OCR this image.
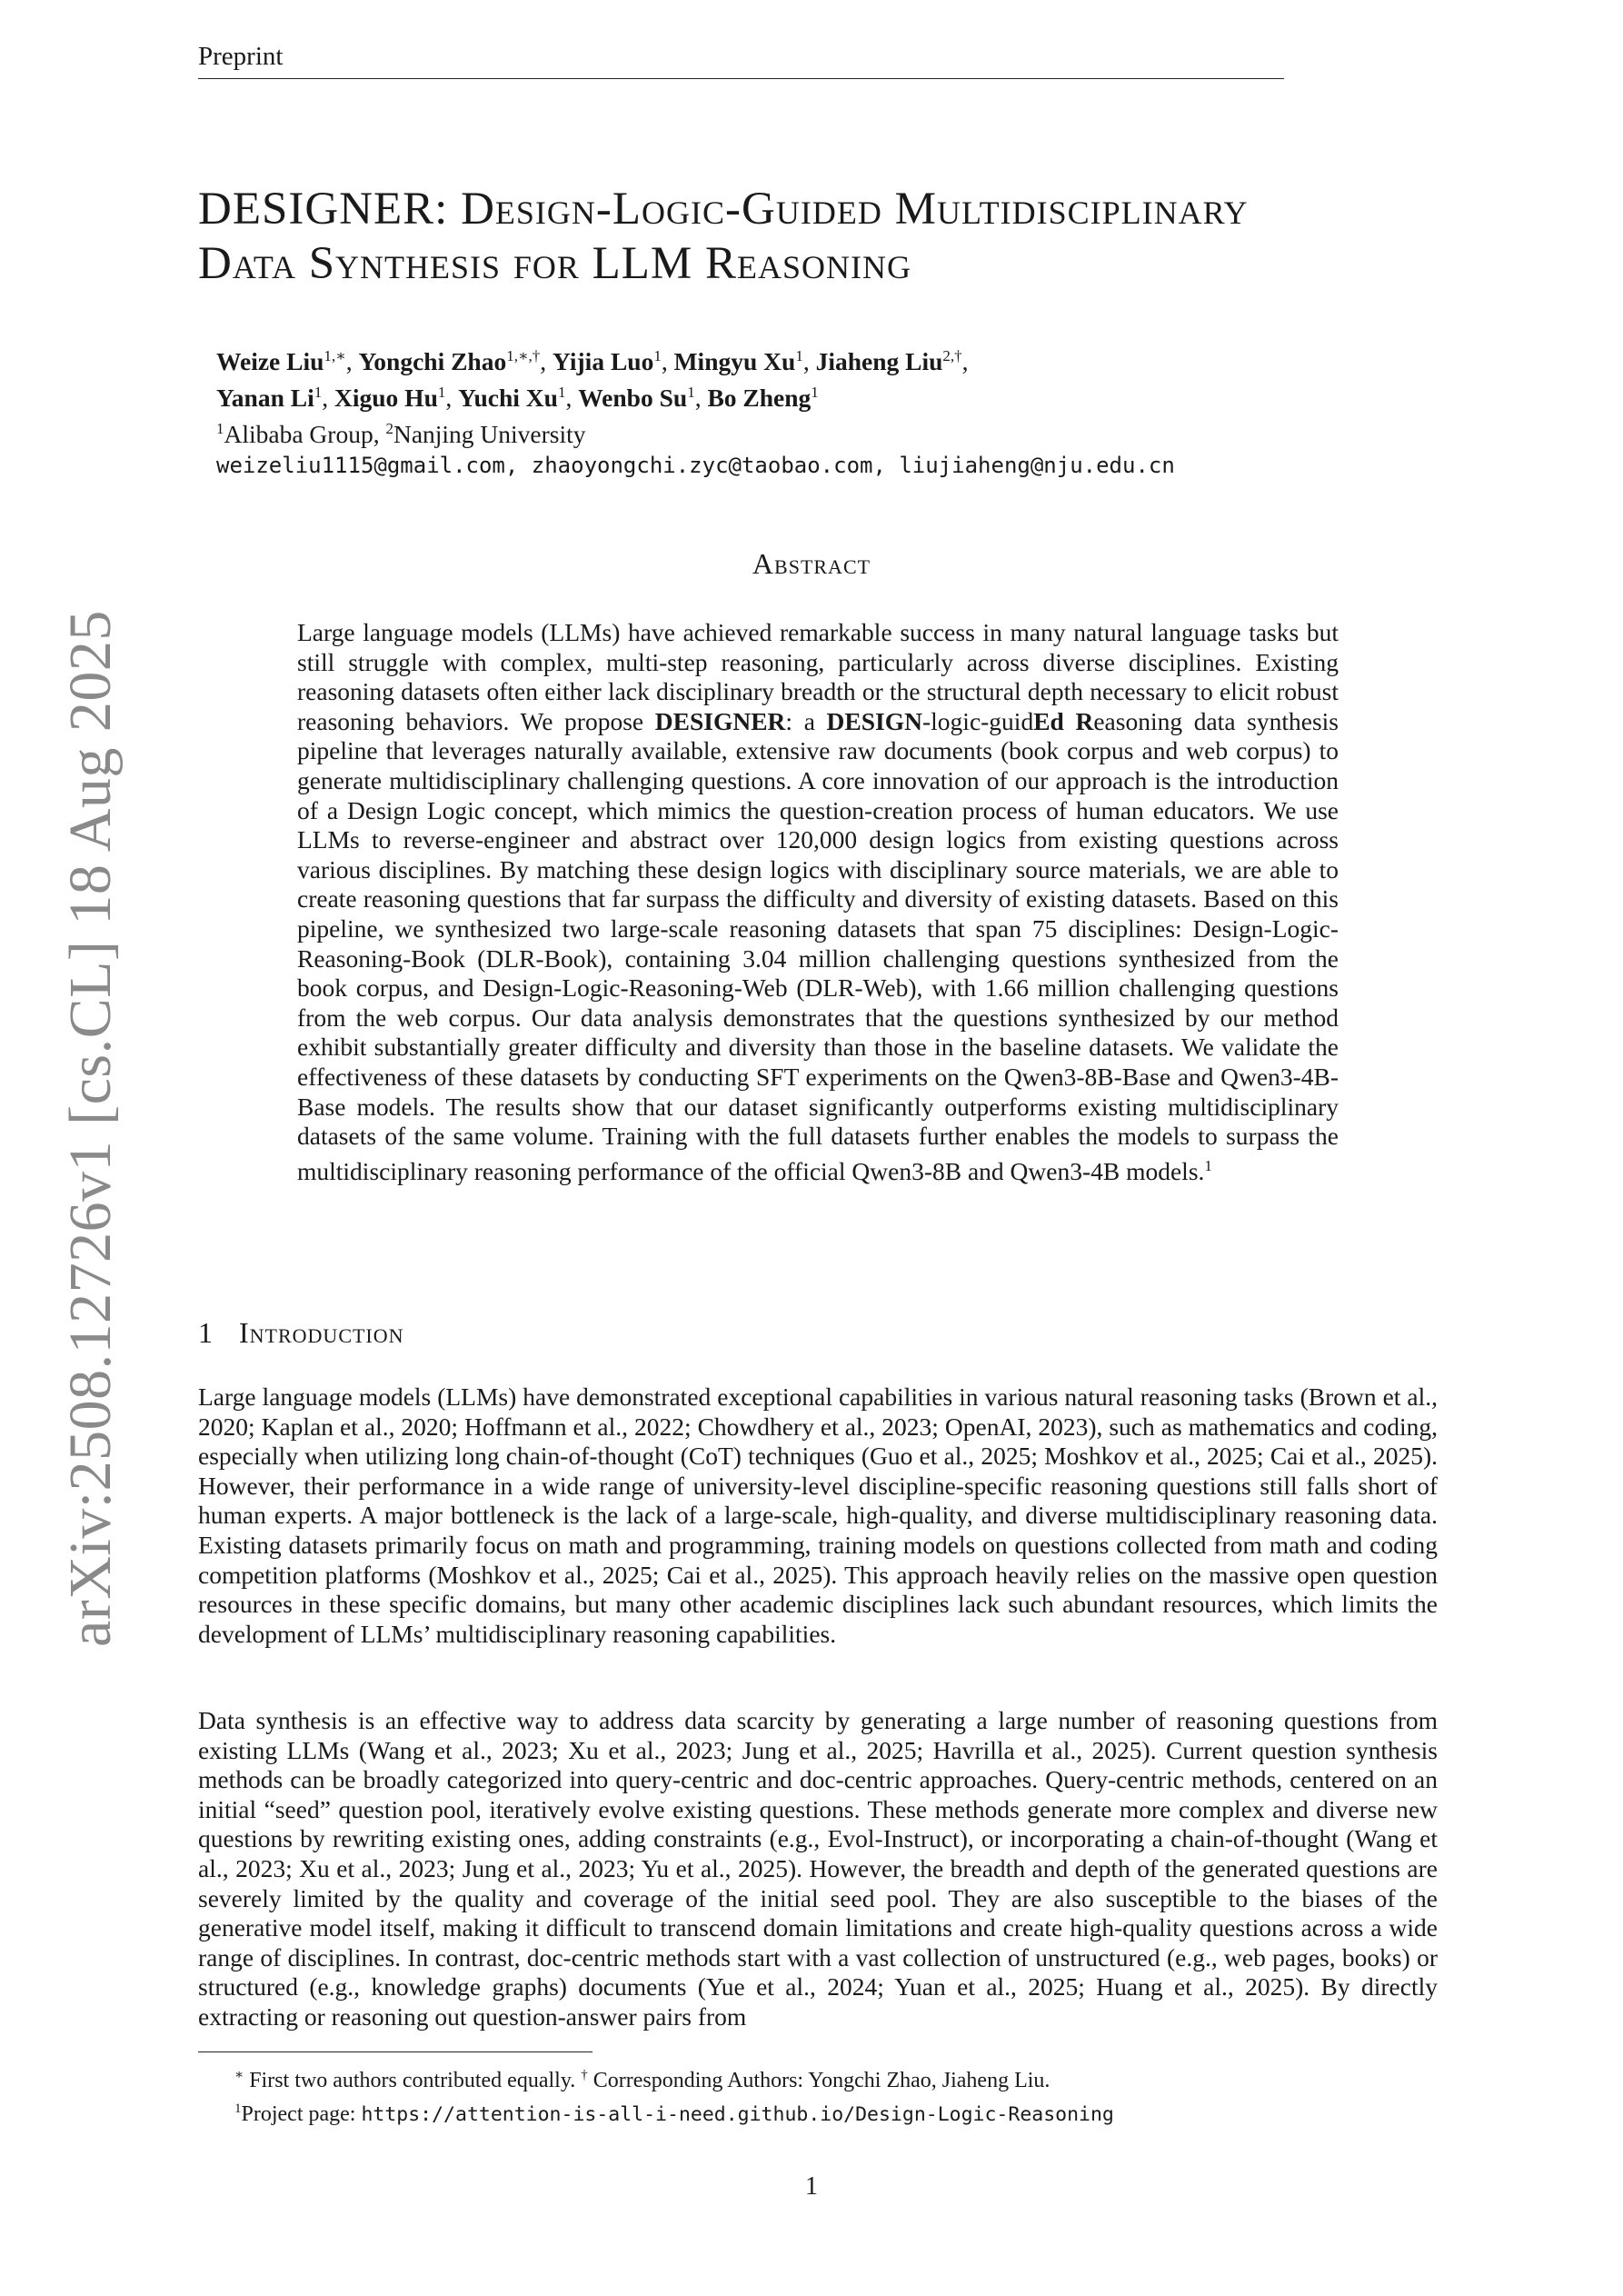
Preprint
arXiv:2508.12726v1 [cs.CL] 18 Aug 2025
DESIGNER: Design-Logic-Guided Multidisciplinary
Data Synthesis for LLM Reasoning
Weize Liu$^{1,∗}$, Yongchi Zhao$^{1,∗,\dagger}$, Yijia Luo$^1$, Mingyu Xu$^1$, Jiaheng Liu$^{2,\dagger}$,
Yanan Li$^1$, Xiguo Hu$^1$, Yuchi Xu$^1$, Wenbo Su$^1$, Bo Zheng$^1$
$^1$Alibaba Group, $^2$Nanjing University
weizeliu1115@gmail.com, zhaoyongchi.zyc@taobao.com, liujiaheng@nju.edu.cn
Abstract

Large language models (LLMs) have achieved remarkable success in many natural language tasks but still struggle with complex, multi-step reasoning, particularly across diverse disciplines. Existing reasoning datasets often either lack disciplinary breadth or the structural depth necessary to elicit robust reasoning behaviors. We propose DESIGNER: a DESIGN-logic-guidEd Reasoning data synthesis pipeline that leverages naturally available, extensive raw documents (book corpus and web corpus) to generate multidisciplinary challenging questions. A core innovation of our approach is the introduction of a Design Logic concept, which mimics the question-creation process of human educators. We use LLMs to reverse-engineer and abstract over 120,000 design logics from existing questions across various disciplines. By matching these design logics with disciplinary source materials, we are able to create reasoning questions that far surpass the difficulty and diversity of existing datasets. Based on this pipeline, we synthesized two large-scale reasoning datasets that span 75 disciplines: Design-Logic-Reasoning-Book (DLR-Book), containing 3.04 million challenging questions synthesized from the book corpus, and Design-Logic-Reasoning-Web (DLR-Web), with 1.66 million challenging questions from the web corpus. Our data analysis demonstrates that the questions synthesized by our method exhibit substantially greater difficulty and diversity than those in the baseline datasets. We validate the effectiveness of these datasets by conducting SFT experiments on the Qwen3-8B-Base and Qwen3-4B-Base models. The results show that our dataset significantly outperforms existing multidisciplinary datasets of the same volume. Training with the full datasets further enables the models to surpass the multidisciplinary reasoning performance of the official Qwen3-8B and Qwen3-4B models.$^1$

1 Introduction

Large language models (LLMs) have demonstrated exceptional capabilities in various natural reasoning tasks (Brown et al., 2020; Kaplan et al., 2020; Hoffmann et al., 2022; Chowdhery et al., 2023; OpenAI, 2023), such as mathematics and coding, especially when utilizing long chain-of-thought (CoT) techniques (Guo et al., 2025; Moshkov et al., 2025; Cai et al., 2025). However, their performance in a wide range of university-level discipline-specific reasoning questions still falls short of human experts. A major bottleneck is the lack of a large-scale, high-quality, and diverse multidisciplinary reasoning data. Existing datasets primarily focus on math and programming, training models on questions collected from math and coding competition platforms (Moshkov et al., 2025; Cai et al., 2025). This approach heavily relies on the massive open question resources in these specific domains, but many other academic disciplines lack such abundant resources, which limits the development of LLMs’ multidisciplinary reasoning capabilities.

Data synthesis is an effective way to address data scarcity by generating a large number of reasoning questions from existing LLMs (Wang et al., 2023; Xu et al., 2023; Jung et al., 2025; Havrilla et al., 2025). Current question synthesis methods can be broadly categorized into query-centric and doc-centric approaches. Query-centric methods, centered on an initial “seed” question pool, iteratively evolve existing questions. These methods generate more complex and diverse new questions by rewriting existing ones, adding constraints (e.g., Evol-Instruct), or incorporating a chain-of-thought (Wang et al., 2023; Xu et al., 2023; Jung et al., 2023; Yu et al., 2025). However, the breadth and depth of the generated questions are severely limited by the quality and coverage of the initial seed pool. They are also susceptible to the biases of the generative model itself, making it difficult to transcend domain limitations and create high-quality questions across a wide range of disciplines. In contrast, doc-centric methods start with a vast collection of unstructured (e.g., web pages, books) or structured (e.g., knowledge graphs) documents (Yue et al., 2024; Yuan et al., 2025; Huang et al., 2025). By directly extracting or reasoning out question-answer pairs from

∗ First two authors contributed equally. † Corresponding Authors: Yongchi Zhao, Jiaheng Liu.
$^1$Project page: https://attention-is-all-i-need.github.io/Design-Logic-Reasoning
1
